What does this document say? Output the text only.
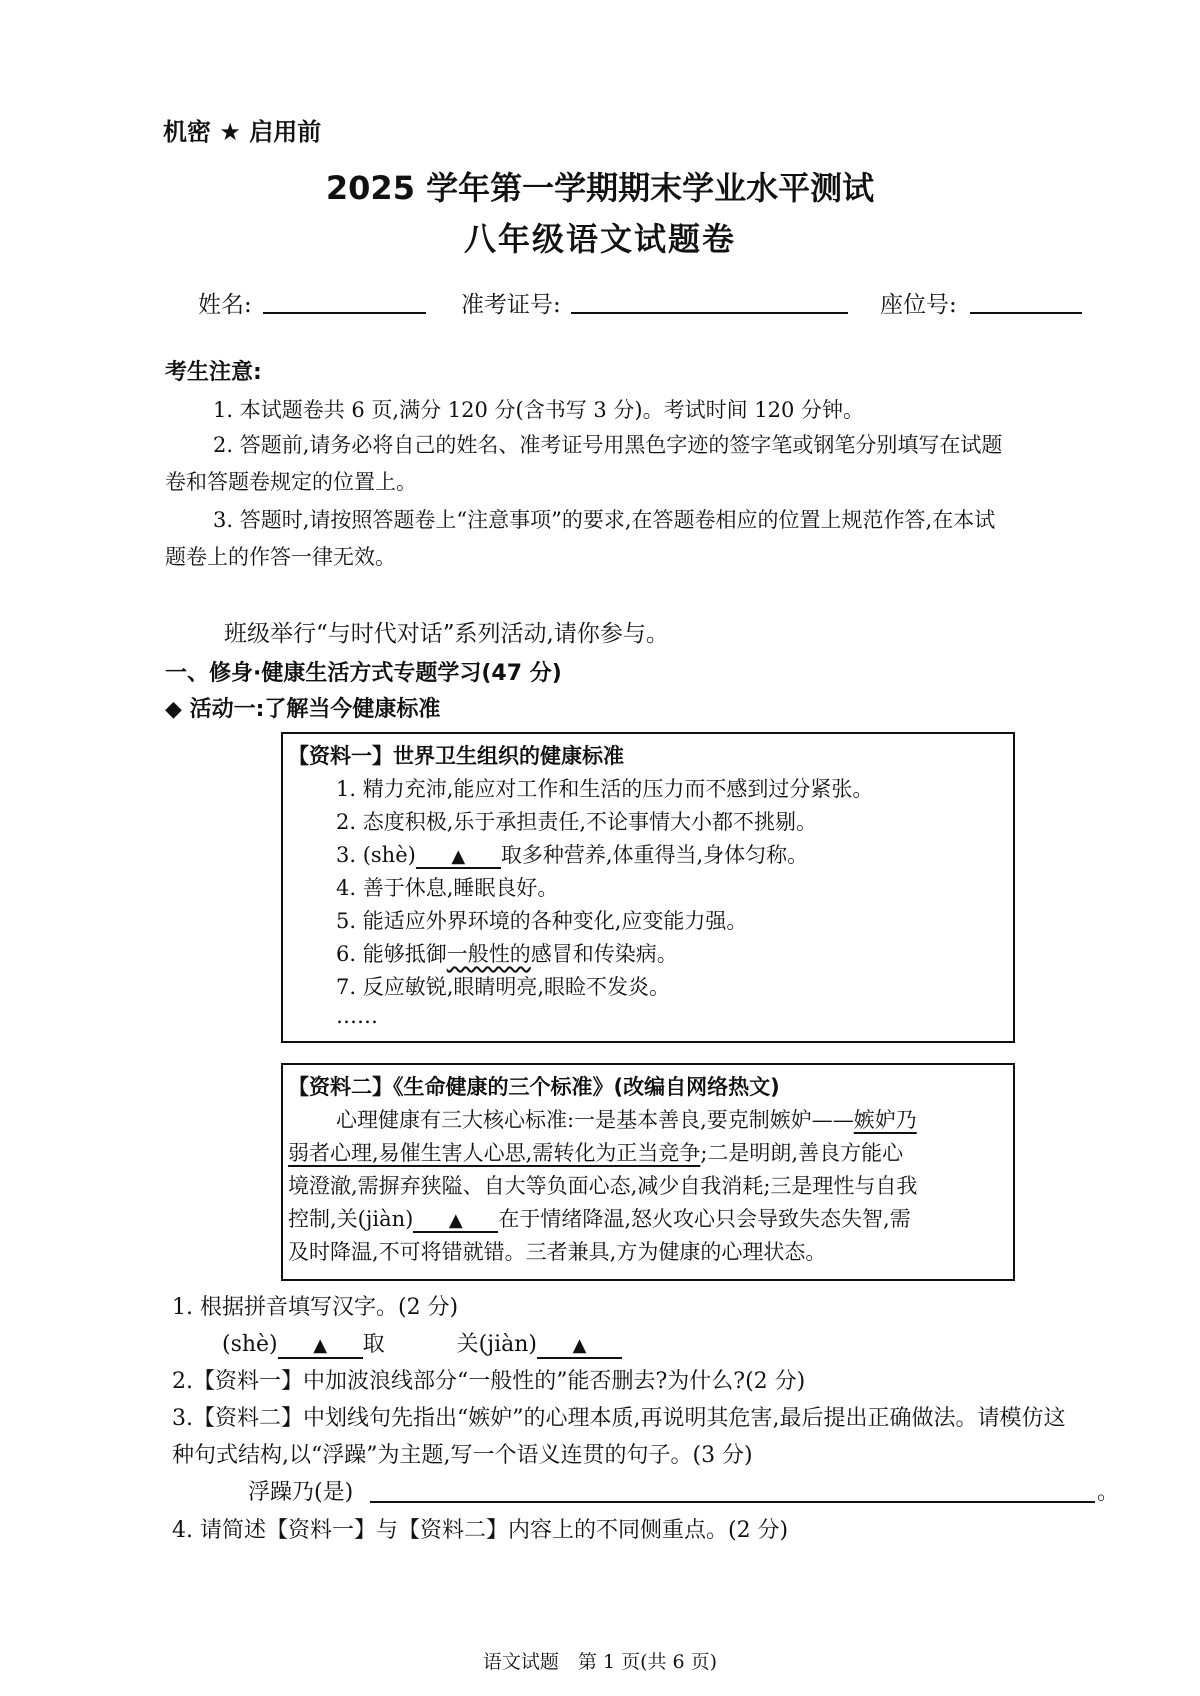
机密 ★ 启用前
2025 学年第一学期期末学业水平测试
八年级语文试题卷
姓名:	准考证号:	座位号:
考生注意:
1. 本试题卷共 6 页,满分 120 分(含书写 3 分)。考试时间 120 分钟。
2. 答题前,请务必将自己的姓名、准考证号用黑色字迹的签字笔或钢笔分别填写在试题
卷和答题卷规定的位置上。
3. 答题时,请按照答题卷上“注意事项”的要求,在答题卷相应的位置上规范作答,在本试
题卷上的作答一律无效。
班级举行“与时代对话”系列活动,请你参与。
一、修身·健康生活方式专题学习(47 分)
◆ 活动一:了解当今健康标准
【资料一】世界卫生组织的健康标准
1. 精力充沛,能应对工作和生活的压力而不感到过分紧张。
2. 态度积极,乐于承担责任,不论事情大小都不挑剔。
3. (shè) ▲ 取多种营养,体重得当,身体匀称。
4. 善于休息,睡眠良好。
5. 能适应外界环境的各种变化,应变能力强。
6. 能够抵御一般性的感冒和传染病。
7. 反应敏锐,眼睛明亮,眼睑不发炎。
……
【资料二】《生命健康的三个标准》(改编自网络热文)
心理健康有三大核心标准:一是基本善良,要克制嫉妒——嫉妒乃
弱者心理,易催生害人心思,需转化为正当竞争;二是明朗,善良方能心
境澄澈,需摒弃狭隘、自大等负面心态,减少自我消耗;三是理性与自我
控制,关(jiàn) ▲ 在于情绪降温,怒火攻心只会导致失态失智,需
及时降温,不可将错就错。三者兼具,方为健康的心理状态。
1. 根据拼音填写汉字。(2 分)
(shè) ▲ 取	关(jiàn) ▲
2.【资料一】中加波浪线部分“一般性的”能否删去?为什么?(2 分)
3.【资料二】中划线句先指出“嫉妒”的心理本质,再说明其危害,最后提出正确做法。请模仿这
种句式结构,以“浮躁”为主题,写一个语义连贯的句子。(3 分)
浮躁乃(是)	。
4. 请简述【资料一】与【资料二】内容上的不同侧重点。(2 分)
语文试题　第 1 页(共 6 页)
